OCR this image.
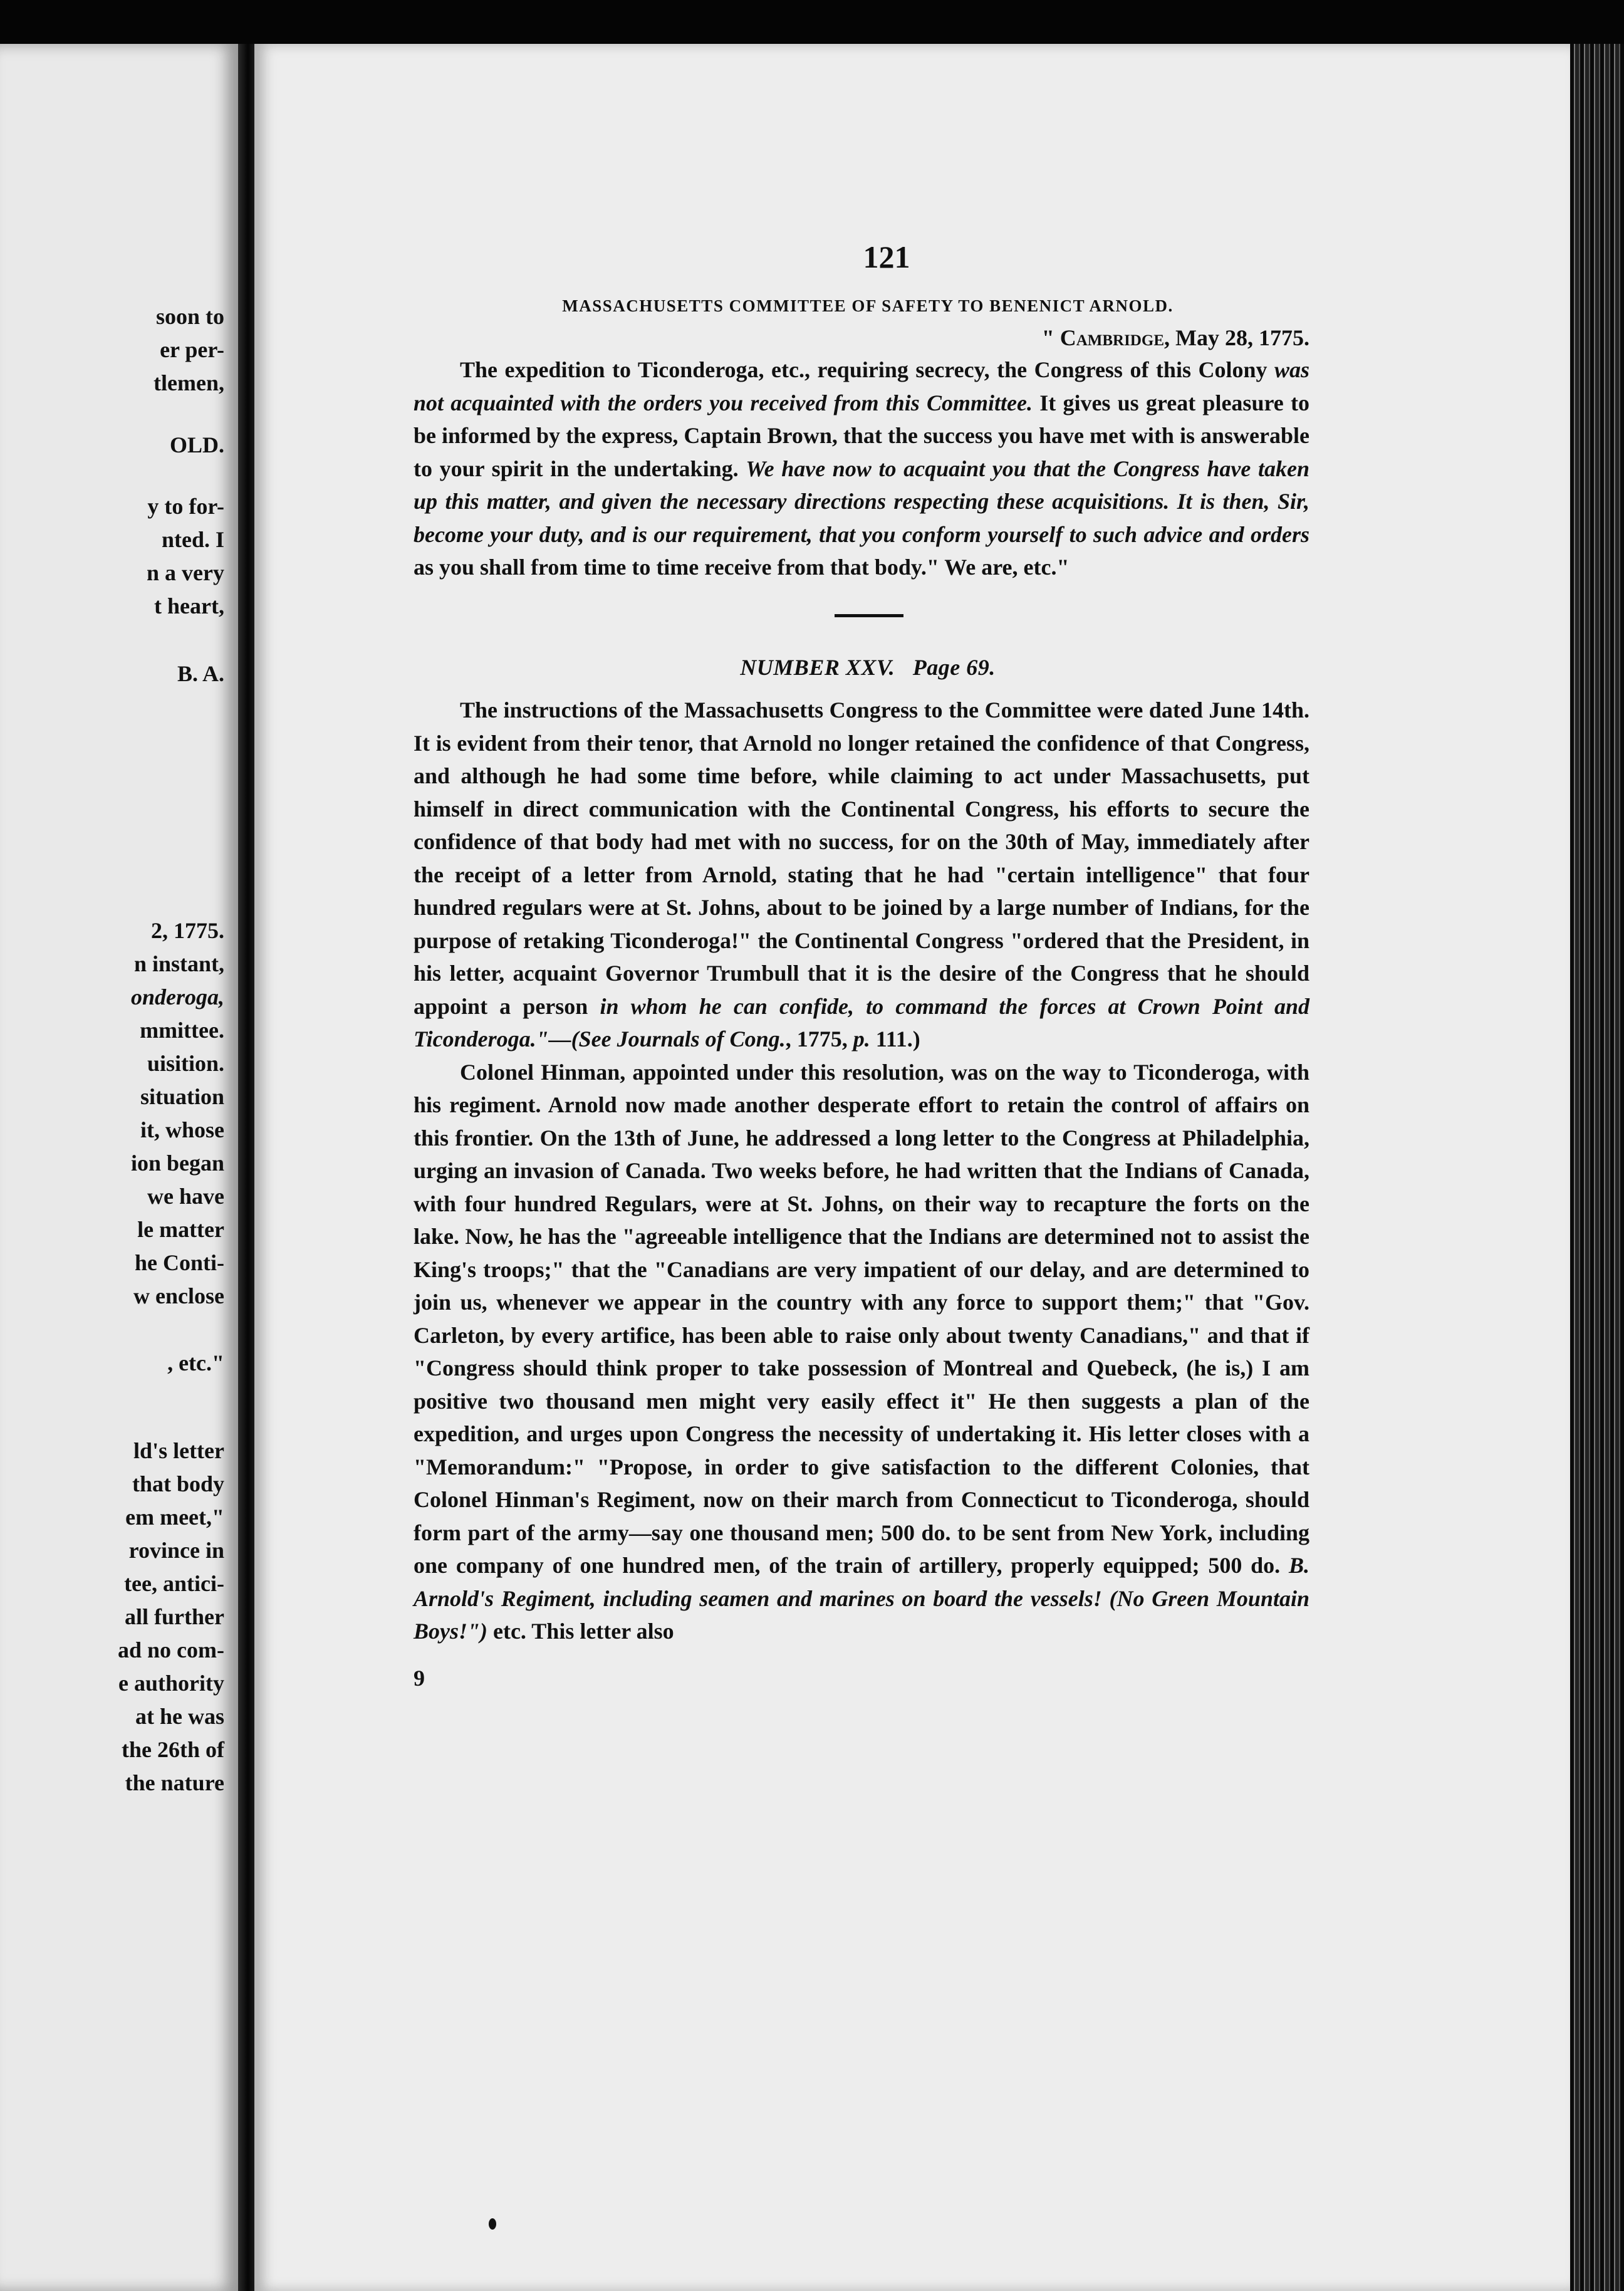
soon to
er per-
tlemen,
OLD.
y to for-
nted. I
n a very
t heart,
B. A.
2, 1775.
n instant,
onderoga,
mmittee.
uisition.
situation
it, whose
ion began
we have
le matter
he Conti-
w enclose
, etc."
ld's letter
that body
em meet,"
rovince in
tee, antici-
all further
ad no com-
e authority
at he was
the 26th of
the nature
121
MASSACHUSETTS COMMITTEE OF SAFETY TO BENENICT ARNOLD.
" Cambridge, May 28, 1775.

The expedition to Ticonderoga, etc., requiring secrecy, the Congress of this Colony was not acquainted with the orders you received from this Committee. It gives us great pleasure to be informed by the express, Captain Brown, that the success you have met with is answerable to your spirit in the undertaking. We have now to acquaint you that the Congress have taken up this matter, and given the necessary directions respecting these acquisitions. It is then, Sir, become your duty, and is our requirement, that you conform yourself to such advice and orders as you shall from time to time receive from that body." We are, etc."

NUMBER XXV. Page 69.

The instructions of the Massachusetts Congress to the Committee were dated June 14th. It is evident from their tenor, that Arnold no longer retained the confidence of that Congress, and although he had some time before, while claiming to act under Massachusetts, put himself in direct communication with the Continental Congress, his efforts to secure the confidence of that body had met with no success, for on the 30th of May, immediately after the receipt of a letter from Arnold, stating that he had "certain intelligence" that four hundred regulars were at St. Johns, about to be joined by a large number of Indians, for the purpose of retaking Ticonderoga!" the Continental Congress "ordered that the President, in his letter, acquaint Governor Trumbull that it is the desire of the Congress that he should appoint a person in whom he can confide, to command the forces at Crown Point and Ticonderoga."—(See Journals of Cong., 1775, p. 111.)

Colonel Hinman, appointed under this resolution, was on the way to Ticonderoga, with his regiment. Arnold now made another desperate effort to retain the control of affairs on this frontier. On the 13th of June, he addressed a long letter to the Congress at Philadelphia, urging an invasion of Canada. Two weeks before, he had written that the Indians of Canada, with four hundred Regulars, were at St. Johns, on their way to recapture the forts on the lake. Now, he has the "agreeable intelligence that the Indians are determined not to assist the King's troops;" that the "Canadians are very impatient of our delay, and are determined to join us, whenever we appear in the country with any force to support them;" that "Gov. Carleton, by every artifice, has been able to raise only about twenty Canadians," and that if "Congress should think proper to take possession of Montreal and Quebeck, (he is,) I am positive two thousand men might very easily effect it" He then suggests a plan of the expedition, and urges upon Congress the necessity of undertaking it. His letter closes with a "Memorandum:" "Propose, in order to give satisfaction to the different Colonies, that Colonel Hinman's Regiment, now on their march from Connecticut to Ticonderoga, should form part of the army—say one thousand men; 500 do. to be sent from New York, including one company of one hundred men, of the train of artillery, properly equipped; 500 do. B. Arnold's Regiment, including seamen and marines on board the vessels! (No Green Mountain Boys!") etc. This letter also

9
